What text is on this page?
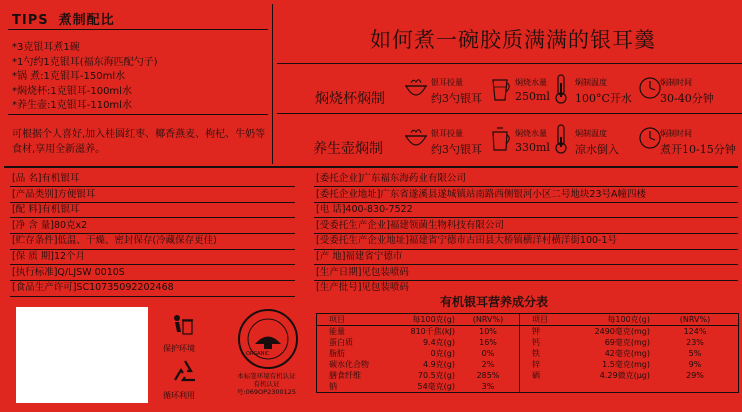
TIPS 煮制配比
*3克银耳煮1碗
*1勺约1克银耳(福东海匹配勺子)
*锅 煮:1克银耳-150ml水
*焖烧杯:1克银耳-100ml水
*养生壶:1克银耳-110ml水
可根据个人喜好,加入桂圆红枣、椰香燕麦、枸杞、牛奶等食材,享用全新滋养。
如何煮一碗胶质满满的银耳羹
焖烧杯焖制
银耳投量
约3勺银耳
焖烧水量
250ml
焖制温度
100°C开水
焖制时间
30-40分钟
养生壶焖制
银耳投量
约3勺银耳
焖烧水量
330ml
焖制温度
凉水倒入
焖制时间
煮开10-15分钟
[品 名]有机银耳
[产品类别]方便银耳
[配 料]有机银耳
[净 含 量]80克x2
[贮存条件]低温、干燥、密封保存(冷藏保存更佳)
[保 质 期]12个月
[执行标准]Q/LJSW 0010S
[食品生产许可]SC10735092202468
[委托企业]广东福东海药业有限公司
[委托企业地址]广东省遂溪县遂城镇站南路西侧银河小区二号地块23号A幢四楼
[电 话]400-830-7522
[受委托生产企业]福建领菌生物科技有限公司
[受委托生产企业地址]福建省宁德市古田县大桥镇横洋村横洋街100-1号
[产 地]福建省宁德市
[生产日期]见包装喷码
[生产批号]见包装喷码
保护环境
循环利用
ORGANIC
本标签环境有机认证
有机认证号:069OP2300125
有机银耳营养成分表
项目	每100克(g)	(NRV%)	项目	每100克(g)	(NRV%)
能量	810千焦(kJ)	10%	钾	2490毫克(mg)	124%
蛋白质	9.4克(g)	16%	钙	69毫克(mg)	23%
脂肪	0克(g)	0%	铁	42毫克(mg)	5%
碳水化合物	4.9克(g)	2%	锌	1.5毫克(mg)	9%
膳食纤维	70.5克(g)	285%	硒	4.29微克(μg)	29%
钠	54毫克(g)	3%			
